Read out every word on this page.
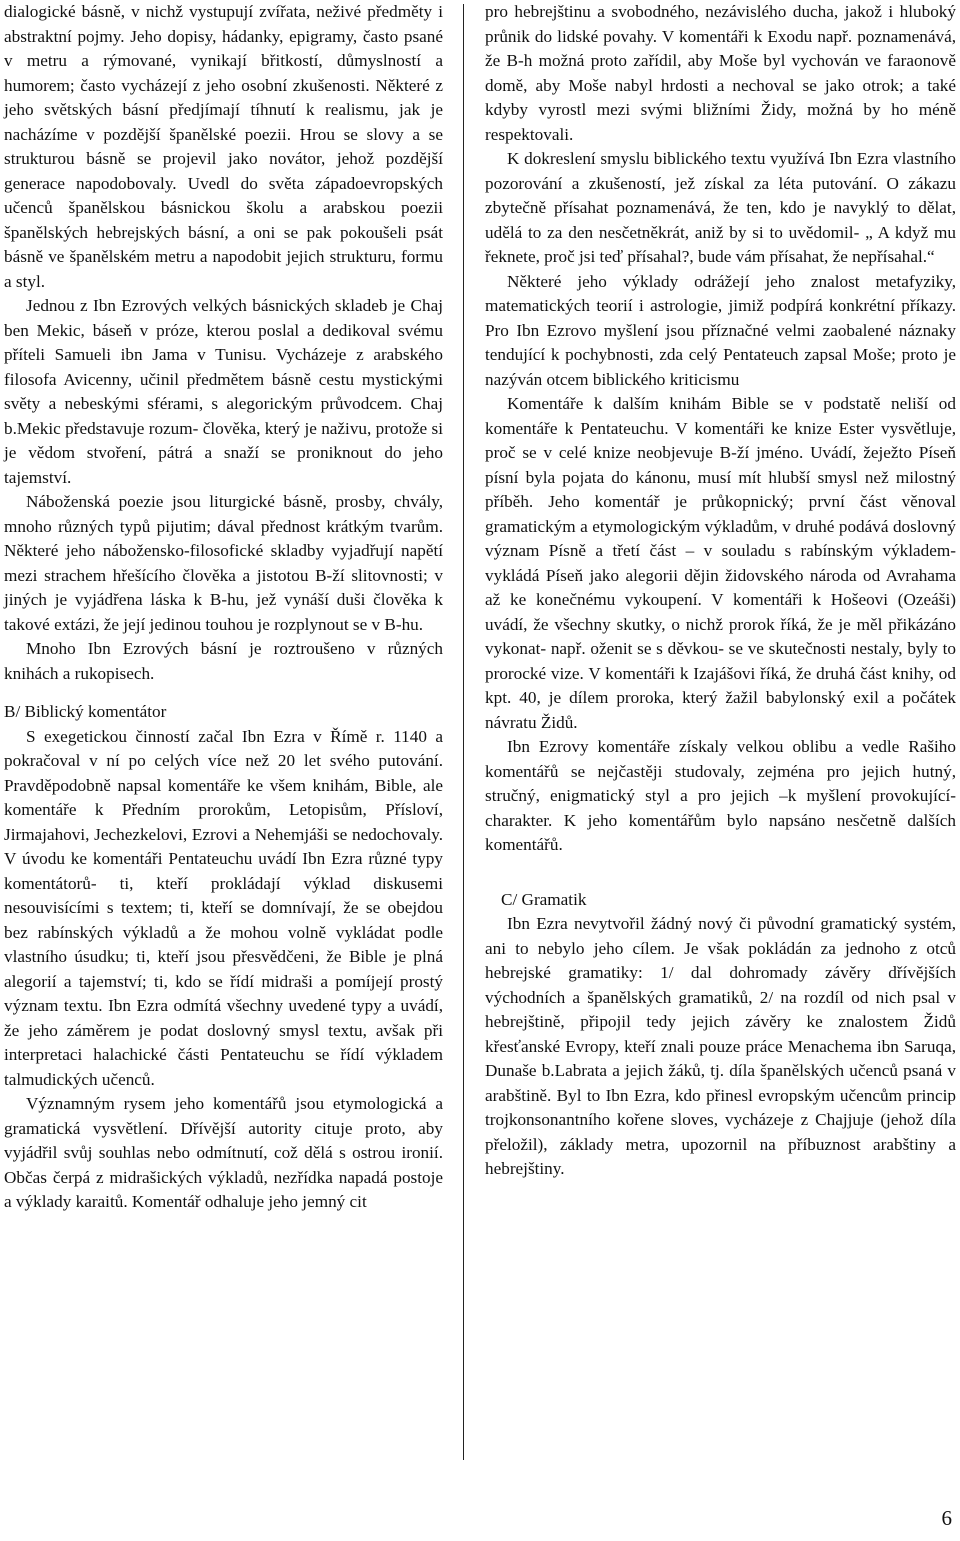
dialogické básně, v nichž vystupují zvířata, neživé předměty i abstraktní pojmy. Jeho dopisy, hádanky, epigramy, často psané v metru a rýmované, vynikají břitkostí, důmyslností a humorem; často vycházejí z jeho osobní zkušenosti. Některé z jeho světských básní předjímají tíhnutí k realismu, jak je nacházíme v pozdější španělské poezii. Hrou se slovy a se strukturou básně se projevil jako novátor, jehož pozdější generace napodobovaly. Uvedl do světa západoevropských učenců španělskou básnickou školu a arabskou poezii španělských hebrejských básní, a oni se pak pokoušeli psát básně ve španělském metru a napodobit jejich strukturu, formu a styl.

Jednou z Ibn Ezrových velkých básnických skladeb je Chaj ben Mekic, báseň v próze, kterou poslal a dedikoval svému příteli Samueli ibn Jama v Tunisu. Vycházeje z arabského filosofa Avicenny, učinil předmětem básně cestu mystickými světy a nebeskými sférami, s alegorickým průvodcem. Chaj b.Mekic představuje rozum- člověka, který je naživu, protože si je vědom stvoření, pátrá a snaží se proniknout do jeho tajemství.

Náboženská poezie jsou liturgické básně, prosby, chvály, mnoho různých typů pijutim; dával přednost krátkým tvarům. Některé jeho nábožensko-filosofické skladby vyjadřují napětí mezi strachem hřešícího člověka a jistotou B-ží slitovnosti; v jiných je vyjádřena láska k B-hu, jež vynáší duši člověka k takové extázi, že její jedinou touhou je rozplynout se v B-hu.

Mnoho Ibn Ezrových básní je roztroušeno v různých knihách a rukopisech.

B/ Biblický komentátor

S exegetickou činností začal Ibn Ezra v Římě r. 1140 a pokračoval v ní po celých více než 20 let svého putování. Pravděpodobně napsal komentáře ke všem knihám, Bible, ale komentáře k Předním prorokům, Letopisům, Přísloví, Jirmajahovi, Jechezkelovi, Ezrovi a Nehemjáši se nedochovaly. V úvodu ke komentáři Pentateuchu uvádí Ibn Ezra různé typy komentátorů- ti, kteří prokládají výklad diskusemi nesouvisícími s textem; ti, kteří se domnívají, že se obejdou bez rabínských výkladů a že mohou volně vykládat podle vlastního úsudku; ti, kteří jsou přesvědčeni, že Bible je plná alegorií a tajemství; ti, kdo se řídí midraši a pomíjejí prostý význam textu. Ibn Ezra odmítá všechny uvedené typy a uvádí, že jeho záměrem je podat doslovný smysl textu, avšak při interpretaci halachické části Pentateuchu se řídí výkladem talmudických učenců.

Významným rysem jeho komentářů jsou etymologická a gramatická vysvětlení. Dřívější autority cituje proto, aby vyjádřil svůj souhlas nebo odmítnutí, což dělá s ostrou ironií. Občas čerpá z midrašických výkladů, nezřídka napadá postoje a výklady karaitů. Komentář odhaluje jeho jemný cit

pro hebrejštinu a svobodného, nezávislého ducha, jakož i hluboký průnik do lidské povahy. V komentáři k Exodu např. poznamenává, že B-h možná proto zařídil, aby Moše byl vychován ve faraonově domě, aby Moše nabyl hrdosti a nechoval se jako otrok; a také kdyby vyrostl mezi svými bližními Židy, možná by ho méně respektovali.

K dokreslení smyslu biblického textu využívá Ibn Ezra vlastního pozorování a zkušeností, jež získal za léta putování. O zákazu zbytečně přísahat poznamenává, že ten, kdo je navyklý to dělat, udělá to za den nesčetněkrát, aniž by si to uvědomil- „ A když mu řeknete, proč jsi teď přísahal?, bude vám přísahat, že nepřísahal.“

Některé jeho výklady odrážejí jeho znalost metafyziky, matematických teorií i astrologie, jimiž podpírá konkrétní příkazy. Pro Ibn Ezrovo myšlení jsou příznačné velmi zaobalené náznaky tendující k pochybnosti, zda celý Pentateuch zapsal Moše; proto je nazýván otcem biblického kriticismu

Komentáře k dalším knihám Bible se v podstatě neliší od komentáře k Pentateuchu. V komentáři ke knize Ester vysvětluje, proč se v celé knize neobjevuje B-ží jméno. Uvádí, žeježto Píseň písní byla pojata do kánonu, musí mít hlubší smysl než milostný příběh. Jeho komentář je průkopnický; první část věnoval gramatickým a etymologickým výkladům, v druhé podává doslovný význam Písně a třetí část – v souladu s rabínským výkladem- vykládá Píseň jako alegorii dějin židovského národa od Avrahama až ke konečnému vykoupení. V komentáři k Hošeovi (Ozeáši) uvádí, že všechny skutky, o nichž prorok říká, že je měl přikázáno vykonat- např. oženit se s děvkou- se ve skutečnosti nestaly, byly to prorocké vize. V komentáři k Izajášovi říká, že druhá část knihy, od kpt. 40, je dílem proroka, který žažil babylonský exil a počátek návratu Židů.

Ibn Ezrovy komentáře získaly velkou oblibu a vedle Rašiho komentářů se nejčastěji studovaly, zejména pro jejich hutný, stručný, enigmatický styl a pro jejich –k myšlení provokující- charakter. K jeho komentářům bylo napsáno nesčetně dalších komentářů.

C/ Gramatik

Ibn Ezra nevytvořil žádný nový či původní gramatický systém, ani to nebylo jeho cílem. Je však pokládán za jednoho z otců hebrejské gramatiky: 1/ dal dohromady závěry dřívějších východních a španělských gramatiků, 2/ na rozdíl od nich psal v hebrejštině, připojil tedy jejich závěry ke znalostem Židů křesťanské Evropy, kteří znali pouze práce Menachema ibn Saruqa, Dunaše b.Labrata a jejich žáků, tj. díla španělských učenců psaná v arabštině. Byl to Ibn Ezra, kdo přinesl evropským učencům princip trojkonsonantního kořene sloves, vycházeje z Chajjuje (jehož díla přeložil), základy metra, upozornil na příbuznost arabštiny a hebrejštiny.

6
